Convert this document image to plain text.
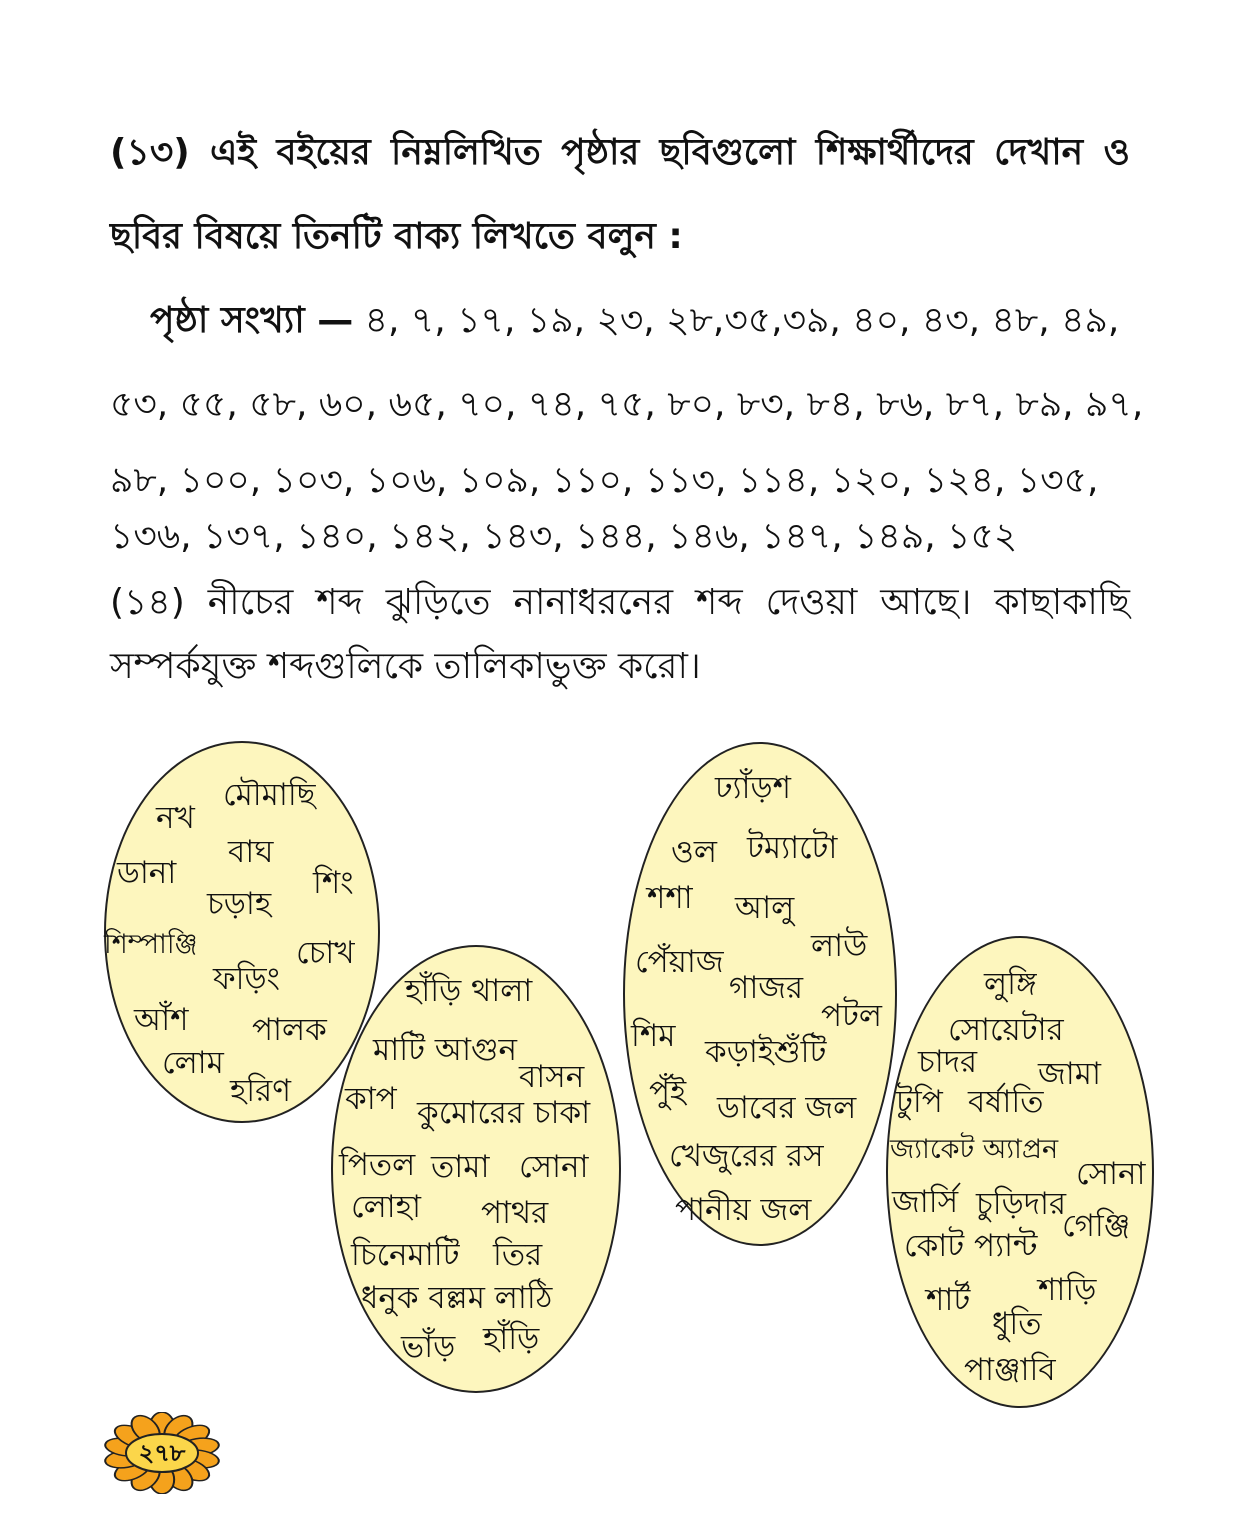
(১৩) এই বইয়ের নিম্নলিখিত পৃষ্ঠার ছবিগুলো শিক্ষার্থীদের দেখান ও
ছবির বিষয়ে তিনটি বাক্য লিখতে বলুন :
পৃষ্ঠা সংখ্যা — ৪, ৭, ১৭, ১৯, ২৩, ২৮,৩৫,৩৯, ৪০, ৪৩, ৪৮, ৪৯,
৫৩, ৫৫, ৫৮, ৬০, ৬৫, ৭০, ৭৪, ৭৫, ৮০, ৮৩, ৮৪, ৮৬, ৮৭, ৮৯, ৯৭,
৯৮, ১০০, ১০৩, ১০৬, ১০৯, ১১০, ১১৩, ১১৪, ১২০, ১২৪, ১৩৫,
১৩৬, ১৩৭, ১৪০, ১৪২, ১৪৩, ১৪৪, ১৪৬, ১৪৭, ১৪৯, ১৫২
(১৪) নীচের শব্দ ঝুড়িতে নানাধরনের শব্দ দেওয়া আছে। কাছাকাছি
সম্পর্কযুক্ত শব্দগুলিকে তালিকাভুক্ত করো।
নখ
মৌমাছি
বাঘ
ডানা	শিং
চড়াহ
শিম্পাঞ্জি	চোখ
ফড়িং
আঁশ পালক
লোম
হরিণ
হাঁড়ি থালা
মাটি আগুন
বাসন
কাপ কুমোরের চাকা
পিতল তামা সোনা
লোহা পাথর
চিনেমাটি তির
ধনুক বল্লম লাঠি
ভাঁড় হাঁড়ি
ঢ্যাঁড়শ
ওল টম্যাটো
শশা আলু
লাউ
পেঁয়াজ
গাজর
পটল
শিম কড়াইশুঁটি
পুঁই ডাবের জল
খেজুরের রস
পানীয় জল
লুঙ্গি
সোয়েটার
চাদর জামা
টুপি বর্ষাতি
জ্যাকেট অ্যাপ্রন
সোনা
জার্সি চুড়িদার
গেঞ্জি
কোট প্যান্ট
শাড়ি
শার্ট
ধুতি
পাঞ্জাবি
২৭৮
